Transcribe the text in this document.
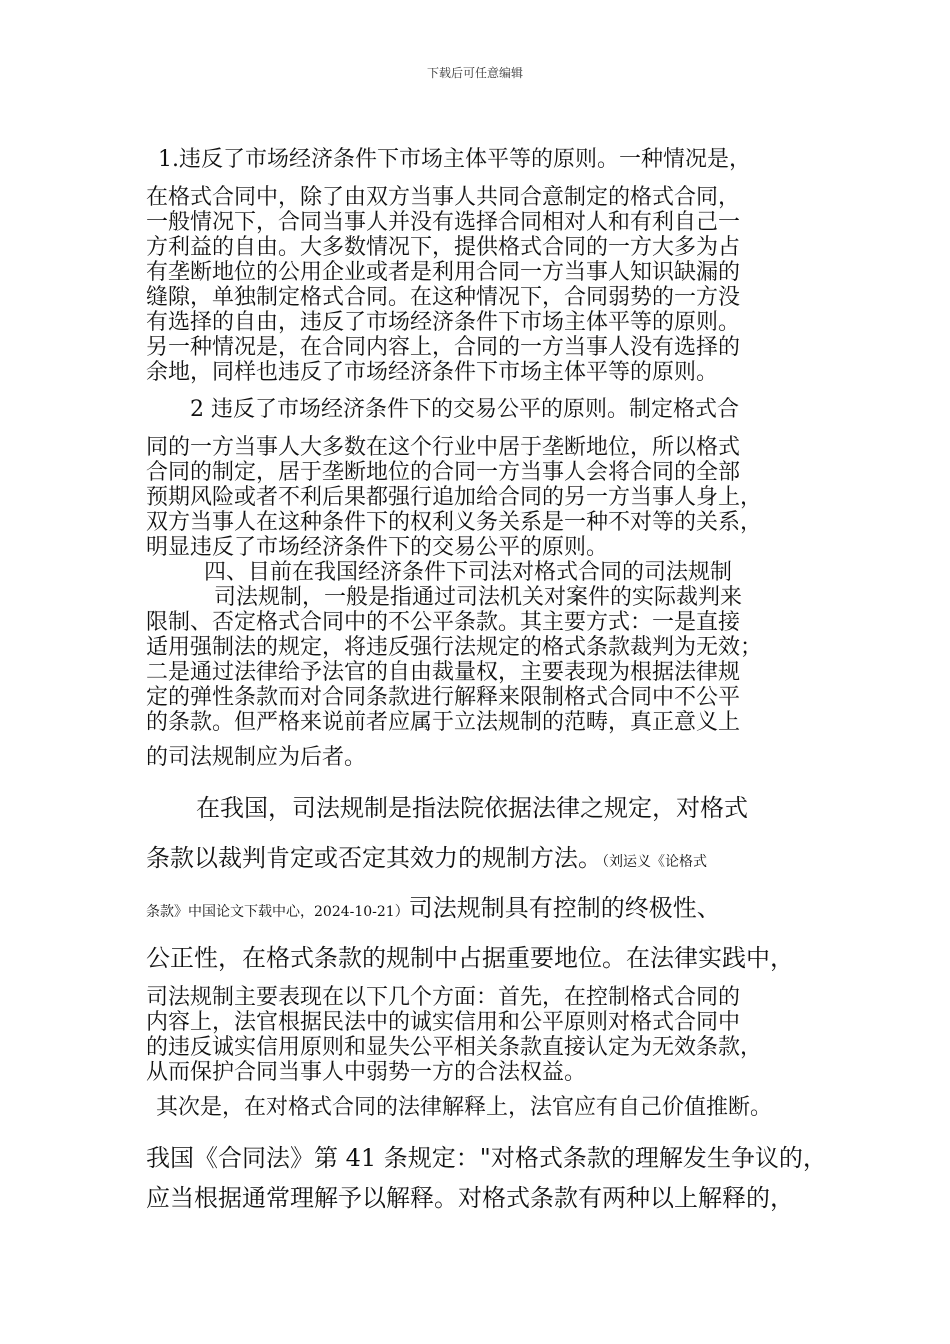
下载后可任意编辑
1.违反了市场经济条件下市场主体平等的原则。一种情况是，
在格式合同中，除了由双方当事人共同合意制定的格式合同，
一般情况下，合同当事人并没有选择合同相对人和有利自己一
方利益的自由。大多数情况下，提供格式合同的一方大多为占
有垄断地位的公用企业或者是利用合同一方当事人知识缺漏的
缝隙，单独制定格式合同。在这种情况下，合同弱势的一方没
有选择的自由，违反了市场经济条件下市场主体平等的原则。
另一种情况是，在合同内容上，合同的一方当事人没有选择的
余地，同样也违反了市场经济条件下市场主体平等的原则。
2 违反了市场经济条件下的交易公平的原则。制定格式合
同的一方当事人大多数在这个行业中居于垄断地位，所以格式
合同的制定，居于垄断地位的合同一方当事人会将合同的全部
预期风险或者不利后果都强行追加给合同的另一方当事人身上，
双方当事人在这种条件下的权利义务关系是一种不对等的关系，
明显违反了市场经济条件下的交易公平的原则。
四、目前在我国经济条件下司法对格式合同的司法规制
司法规制，一般是指通过司法机关对案件的实际裁判来
限制、否定格式合同中的不公平条款。其主要方式：一是直接
适用强制法的规定，将违反强行法规定的格式条款裁判为无效；
二是通过法律给予法官的自由裁量权，主要表现为根据法律规
定的弹性条款而对合同条款进行解释来限制格式合同中不公平
的条款。但严格来说前者应属于立法规制的范畴，真正意义上
的司法规制应为后者。
在我国，司法规制是指法院依据法律之规定，对格式
条款以裁判肯定或否定其效力的规制方法。（刘运义《论格式
条款》中国论文下载中心，2024-10-21）司法规制具有控制的终极性、
公正性，在格式条款的规制中占据重要地位。在法律实践中，
司法规制主要表现在以下几个方面：首先，在控制格式合同的
内容上，法官根据民法中的诚实信用和公平原则对格式合同中
的违反诚实信用原则和显失公平相关条款直接认定为无效条款，
从而保护合同当事人中弱势一方的合法权益。
其次是，在对格式合同的法律解释上，法官应有自己价值推断。
我国《合同法》第 41 条规定："对格式条款的理解发生争议的，
应当根据通常理解予以解释。对格式条款有两种以上解释的，
